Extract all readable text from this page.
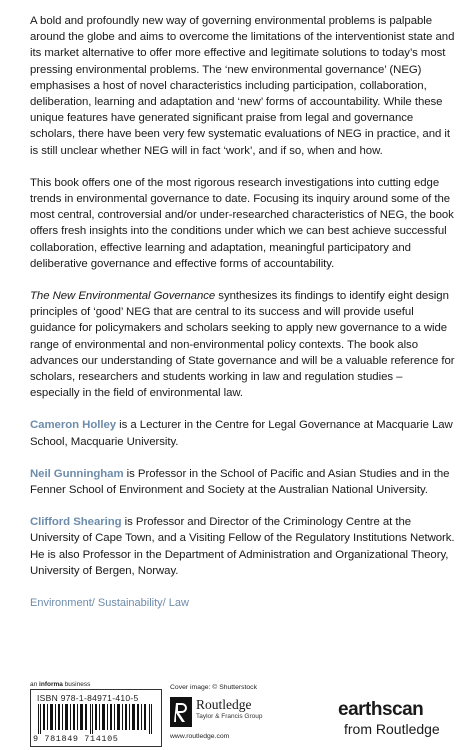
A bold and profoundly new way of governing environmental problems is palpable around the globe and aims to overcome the limitations of the interventionist state and its market alternative to offer more effective and legitimate solutions to today’s most pressing environmental problems. The ‘new environmental governance’ (NEG) emphasises a host of novel characteristics including participation, collaboration, deliberation, learning and adaptation and ‘new’ forms of accountability. While these unique features have generated significant praise from legal and governance scholars, there have been very few systematic evaluations of NEG in practice, and it is still unclear whether NEG will in fact ‘work’, and if so, when and how.

This book offers one of the most rigorous research investigations into cutting edge trends in environmental governance to date. Focusing its inquiry around some of the most central, controversial and/or under-researched characteristics of NEG, the book offers fresh insights into the conditions under which we can best achieve successful collaboration, effective learning and adaptation, meaningful participatory and deliberative governance and effective forms of accountability.

The New Environmental Governance synthesizes its findings to identify eight design principles of ‘good’ NEG that are central to its success and will provide useful guidance for policymakers and scholars seeking to apply new governance to a wide range of environmental and non-environmental policy contexts. The book also advances our understanding of State governance and will be a valuable reference for scholars, researchers and students working in law and regulation studies – especially in the field of environmental law.

Cameron Holley is a Lecturer in the Centre for Legal Governance at Macquarie Law School, Macquarie University.

Neil Gunningham is Professor in the School of Pacific and Asian Studies and in the Fenner School of Environment and Society at the Australian National University.

Clifford Shearing is Professor and Director of the Criminology Centre at the University of Cape Town, and a Visiting Fellow of the Regulatory Institutions Network. He is also Professor in the Department of Administration and Organizational Theory, University of Bergen, Norway.

Environment/ Sustainability/ Law
an informa business
ISBN 978-1-84971-410-5
9 781849 714105
Cover image: © Shutterstock
Routledge
Taylor & Francis Group
www.routledge.com
earthscan
from Routledge
